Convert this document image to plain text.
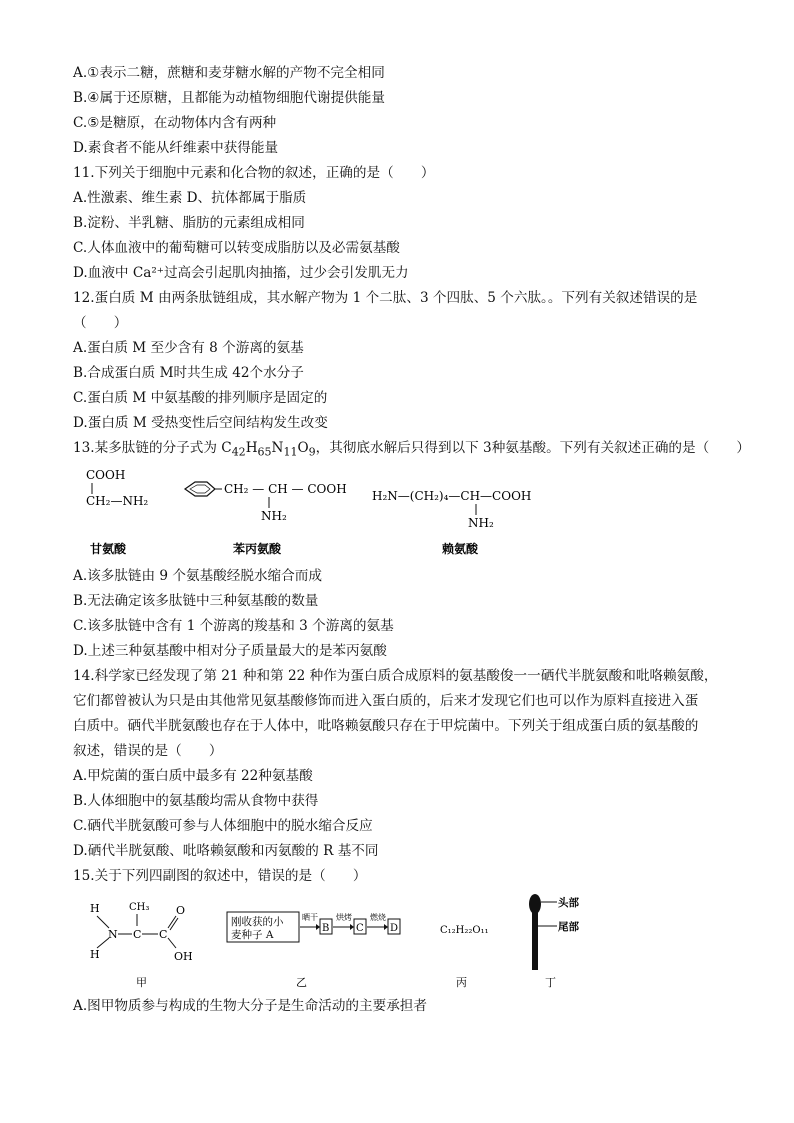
A.①表示二糖，蔗糖和麦芽糖水解的产物不完全相同
B.④属于还原糖，且都能为动植物细胞代谢提供能量
C.⑤是糖原，在动物体内含有两种
D.素食者不能从纤维素中获得能量
11.下列关于细胞中元素和化合物的叙述，正确的是（　　）
A.性激素、维生素 D、抗体都属于脂质
B.淀粉、半乳糖、脂肪的元素组成相同
C.人体血液中的葡萄糖可以转变成脂肪以及必需氨基酸
D.血液中 Ca²⁺过高会引起肌肉抽搐，过少会引发肌无力
12.蛋白质 M 由两条肽链组成，其水解产物为 1 个二肽、3 个四肽、5 个六肽。。下列有关叙述错误的是
（　　）
A.蛋白质 M 至少含有 8 个游离的氨基
B.合成蛋白质 M时共生成 42个水分子
C.蛋白质 M 中氨基酸的排列顺序是固定的
D.蛋白质 M 受热变性后空间结构发生改变
13.某多肽链的分子式为 $C_{42}H_{65}N_{11}O_9$，其彻底水解后只得到以下 3种氨基酸。下列有关叙述正确的是（　　）
COOH
CH₂—NH₂
CH₂ — CH — COOH
NH₂
H₂N—(CH₂)₄—CH—COOH
NH₂
甘氨酸	苯丙氨酸	赖氨酸
A.该多肽链由 9 个氨基酸经脱水缩合而成
B.无法确定该多肽链中三种氨基酸的数量
C.该多肽链中含有 1 个游离的羧基和 3 个游离的氨基
D.上述三种氨基酸中相对分子质量最大的是苯丙氨酸
14.科学家已经发现了第 21 种和第 22 种作为蛋白质合成原料的氨基酸俊一一硒代半胱氨酸和吡咯赖氨酸，
它们都曾被认为只是由其他常见氨基酸修饰而进入蛋白质的，后来才发现它们也可以作为原料直接进入蛋
白质中。硒代半胱氨酸也存在于人体中，吡咯赖氨酸只存在于甲烷菌中。下列关于组成蛋白质的氨基酸的
叙述，错误的是（　　）
A.甲烷菌的蛋白质中最多有 22种氨基酸
B.人体细胞中的氨基酸均需从食物中获得
C.硒代半胱氨酸可参与人体细胞中的脱水缩合反应
D.硒代半胱氨酸、吡咯赖氨酸和丙氨酸的 R 基不同
15.关于下列四副图的叙述中，错误的是（　　）
H
H
N C
CH₃
C
O
OH
甲
刚收获的小
麦种子 A
晒干
B
烘烤
C
燃烧
D
乙
C₁₂H₂₂O₁₁
丙
头部
尾部
丁
A.图甲物质参与构成的生物大分子是生命活动的主要承担者
